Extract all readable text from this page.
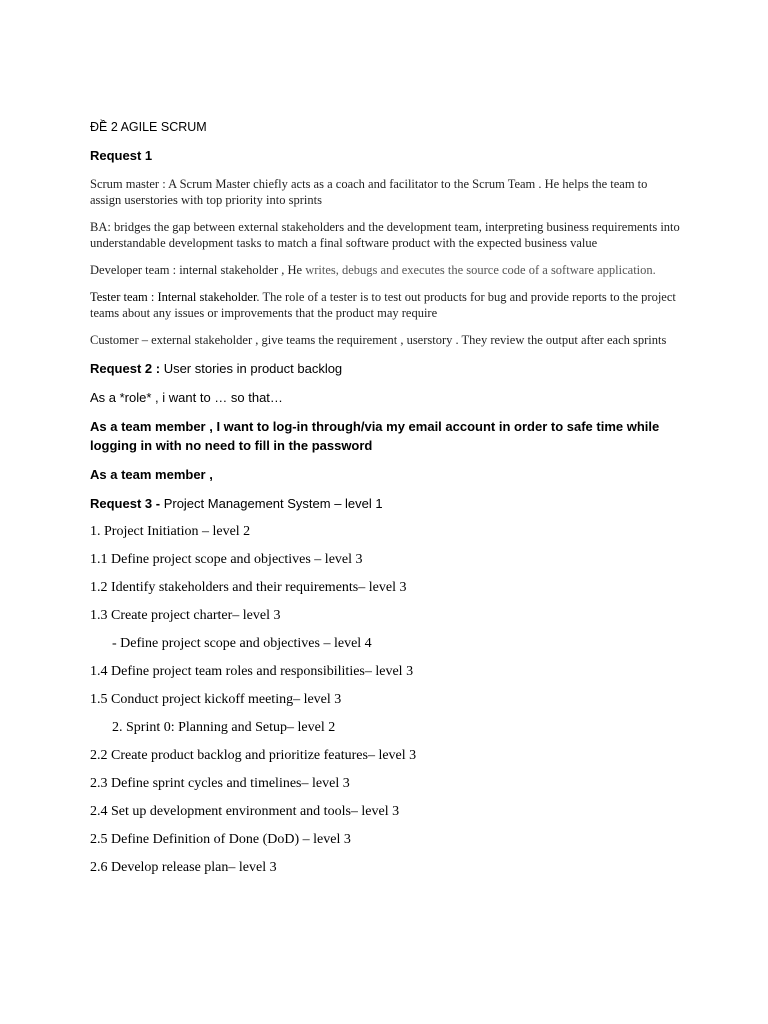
ĐỀ 2 AGILE SCRUM

Request 1

Scrum master : A Scrum Master chiefly acts as a coach and facilitator to the Scrum Team . He helps the team to assign userstories with top priority into sprints

BA: bridges the gap between external stakeholders and the development team, interpreting business requirements into understandable development tasks to match a final software product with the expected business value

Developer team : internal stakeholder , He writes, debugs and executes the source code of a software application.

Tester team : Internal stakeholder. The role of a tester is to test out products for bug and provide reports to the project teams about any issues or improvements that the product may require

Customer – external stakeholder , give teams the requirement , userstory . They review the output after each sprints

Request 2 : User stories in product backlog

As a *role* , i want to … so that…

As a team member , I want to log-in through/via my email account in order to safe time while logging in with no need to fill in the password

As a team member ,

Request 3 - Project Management System – level 1

1. Project Initiation – level 2

1.1 Define project scope and objectives – level 3

1.2 Identify stakeholders and their requirements– level 3

1.3 Create project charter– level 3

- Define project scope and objectives – level 4

1.4 Define project team roles and responsibilities– level 3

1.5 Conduct project kickoff meeting– level 3

2. Sprint 0: Planning and Setup– level 2

2.2 Create product backlog and prioritize features– level 3

2.3 Define sprint cycles and timelines– level 3

2.4 Set up development environment and tools– level 3

2.5 Define Definition of Done (DoD) – level 3

2.6 Develop release plan– level 3
